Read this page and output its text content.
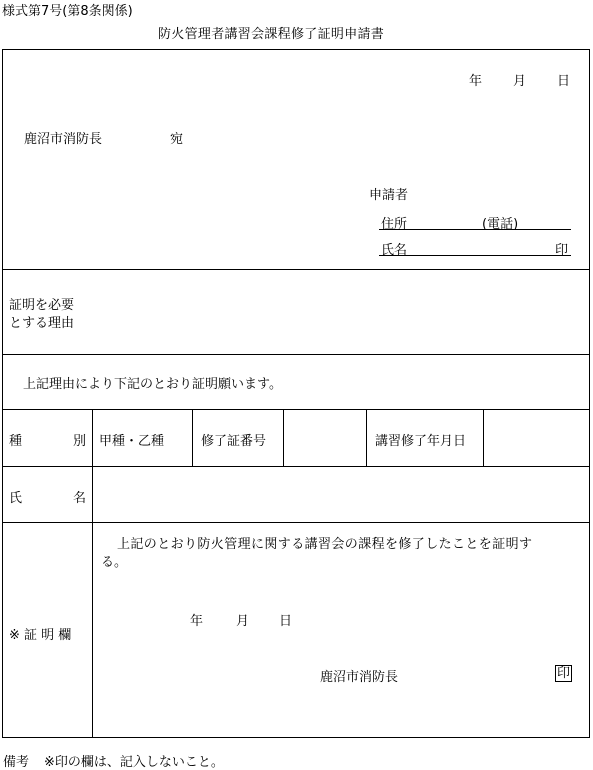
様式第7号(第8条関係)
防火管理者講習会課程修了証明申請書
年 月 日
鹿沼市消防長	宛
申請者
住所	(電話)
氏名	印
証明を必要
とする理由
上記理由により下記のとおり証明願います。
種	別 甲種・乙種	修了証番号	講習修了年月日
氏	名
※ 証 明 欄
上記のとおり防火管理に関する講習会の課程を修了したことを証明す
る。
年	月 日
鹿沼市消防長	印
備考 ※印の欄は、記入しないこと。
